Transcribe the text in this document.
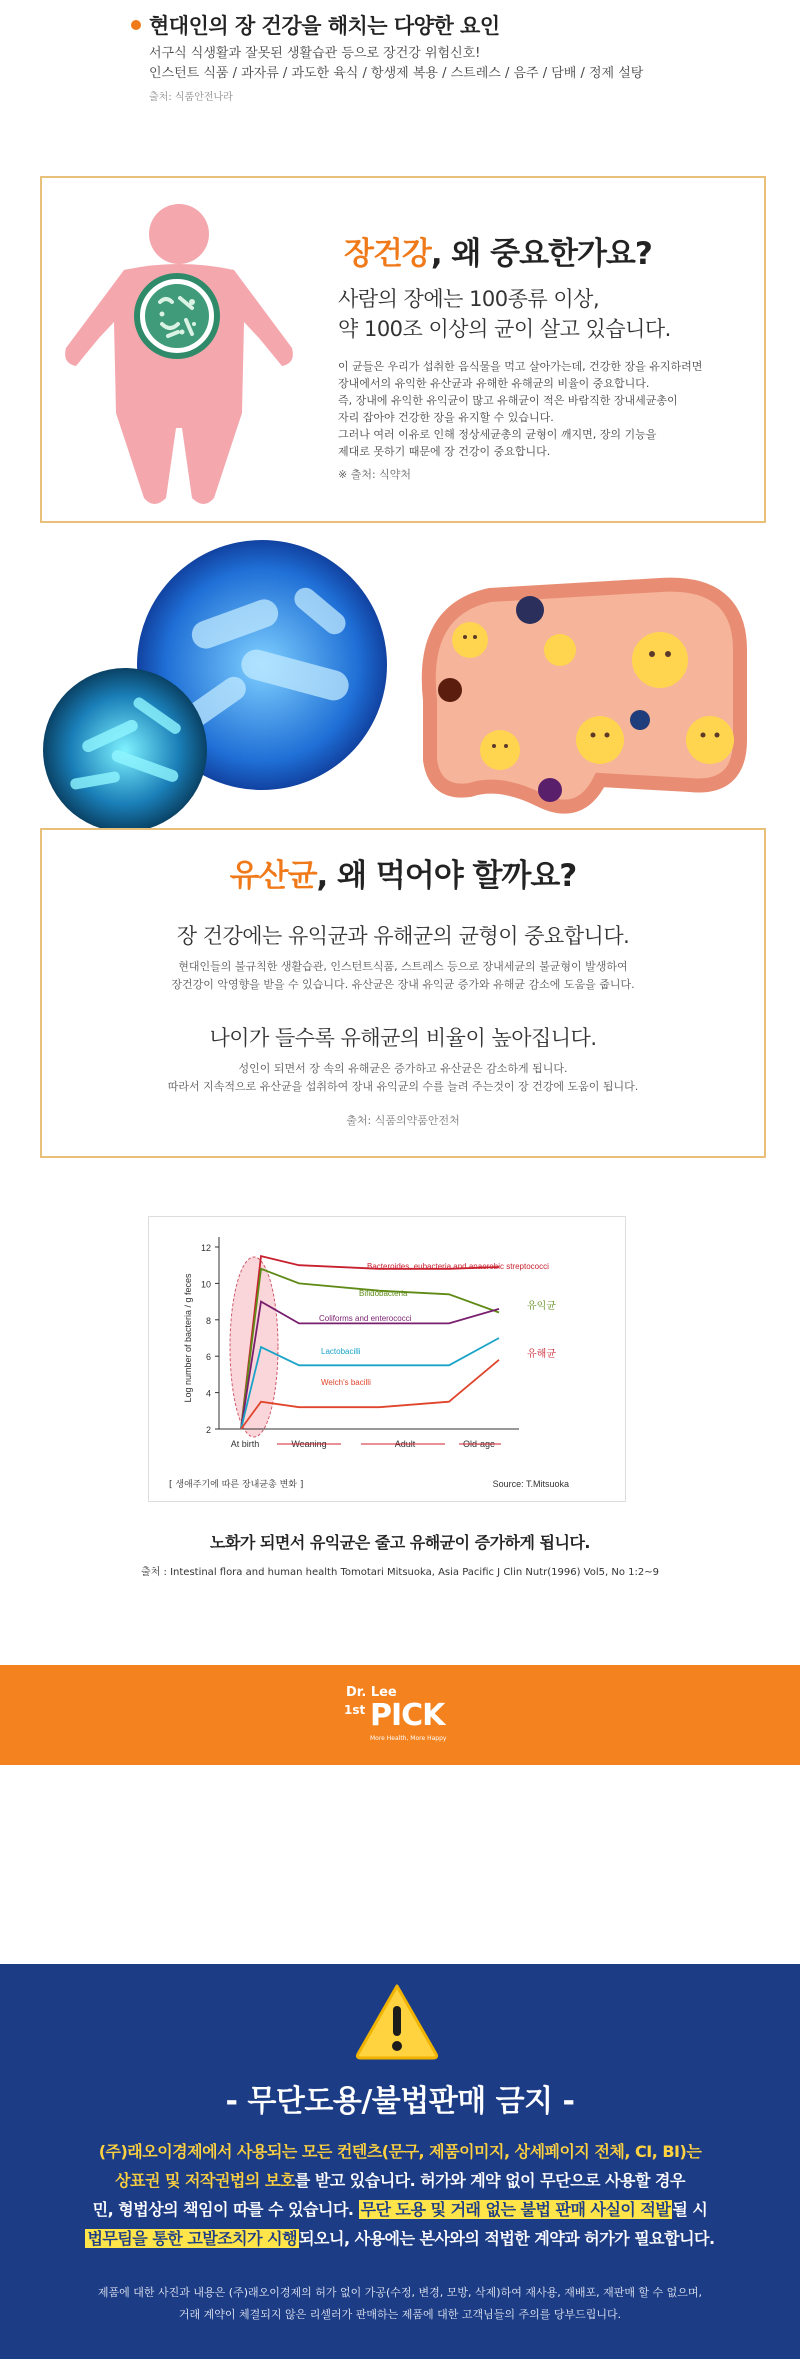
현대인의 장 건강을 해치는 다양한 요인
서구식 식생활과 잘못된 생활습관 등으로 장건강 위험신호!
인스턴트 식품 / 과자류 / 과도한 육식 / 항생제 복용 / 스트레스 / 음주 / 담배 / 정제 설탕
출처: 식품안전나라
장건강, 왜 중요한가요?
사람의 장에는 100종류 이상,
약 100조 이상의 균이 살고 있습니다.
이 균들은 우리가 섭취한 음식물을 먹고 살아가는데, 건강한 장을 유지하려면
장내에서의 유익한 유산균과 유해한 유해균의 비율이 중요합니다.
즉, 장내에 유익한 유익균이 많고 유해균이 적은 바람직한 장내세균총이
자리 잡아야 건강한 장을 유지할 수 있습니다.
그러나 여러 이유로 인해 정상세균총의 균형이 깨지면, 장의 기능을
제대로 못하기 때문에 장 건강이 중요합니다.
※ 출처: 식약처
유산균, 왜 먹어야 할까요?
장 건강에는 유익균과 유해균의 균형이 중요합니다.
현대인들의 불규칙한 생활습관, 인스턴트식품, 스트레스 등으로 장내세균의 불균형이 발생하여
장건강이 악영향을 받을 수 있습니다. 유산균은 장내 유익균 증가와 유해균 감소에 도움을 줍니다.
나이가 들수록 유해균의 비율이 높아집니다.
성인이 되면서 장 속의 유해균은 증가하고 유산균은 감소하게 됩니다.
따라서 지속적으로 유산균을 섭취하여 장내 유익균의 수를 늘려 주는것이 장 건강에 도움이 됩니다.
출처: 식품의약품안전처
2
4
6
8
10
12
Log number of bacteria / g feces
At birth	Weaning	Adult	Old-age
Bacteroides, eubacteria and anaerobic streptococci
Bifidobacteria
Coliforms and enterococci
Lactobacilli
Welch's bacilli
유익균
유해균
[ 생애주기에 따른 장내균총 변화 ]	Source: T.Mitsuoka
노화가 되면서 유익균은 줄고 유해균이 증가하게 됩니다.
출처 : Intestinal flora and human health Tomotari Mitsuoka, Asia Pacific J Clin Nutr(1996) Vol5, No 1:2~9
Dr. Lee
1st PICK
More Health, More Happy
- 무단도용/불법판매 금지 -
(주)래오이경제에서 사용되는 모든 컨텐츠(문구, 제품이미지, 상세페이지 전체, CI, BI)는
상표권 및 저작권법의 보호를 받고 있습니다. 허가와 계약 없이 무단으로 사용할 경우
민, 형법상의 책임이 따를 수 있습니다. 무단 도용 및 거래 없는 불법 판매 사실이 적발 될 시
법무팀을 통한 고발조치가 시행 되오니, 사용에는 본사와의 적법한 계약과 허가가 필요합니다.
제품에 대한 사진과 내용은 (주)래오이경제의 허가 없이 가공(수정, 변경, 모방, 삭제)하여 재사용, 재배포, 재판매 할 수 없으며,
거래 계약이 체결되지 않은 리셀러가 판매하는 제품에 대한 고객님들의 주의를 당부드립니다.
